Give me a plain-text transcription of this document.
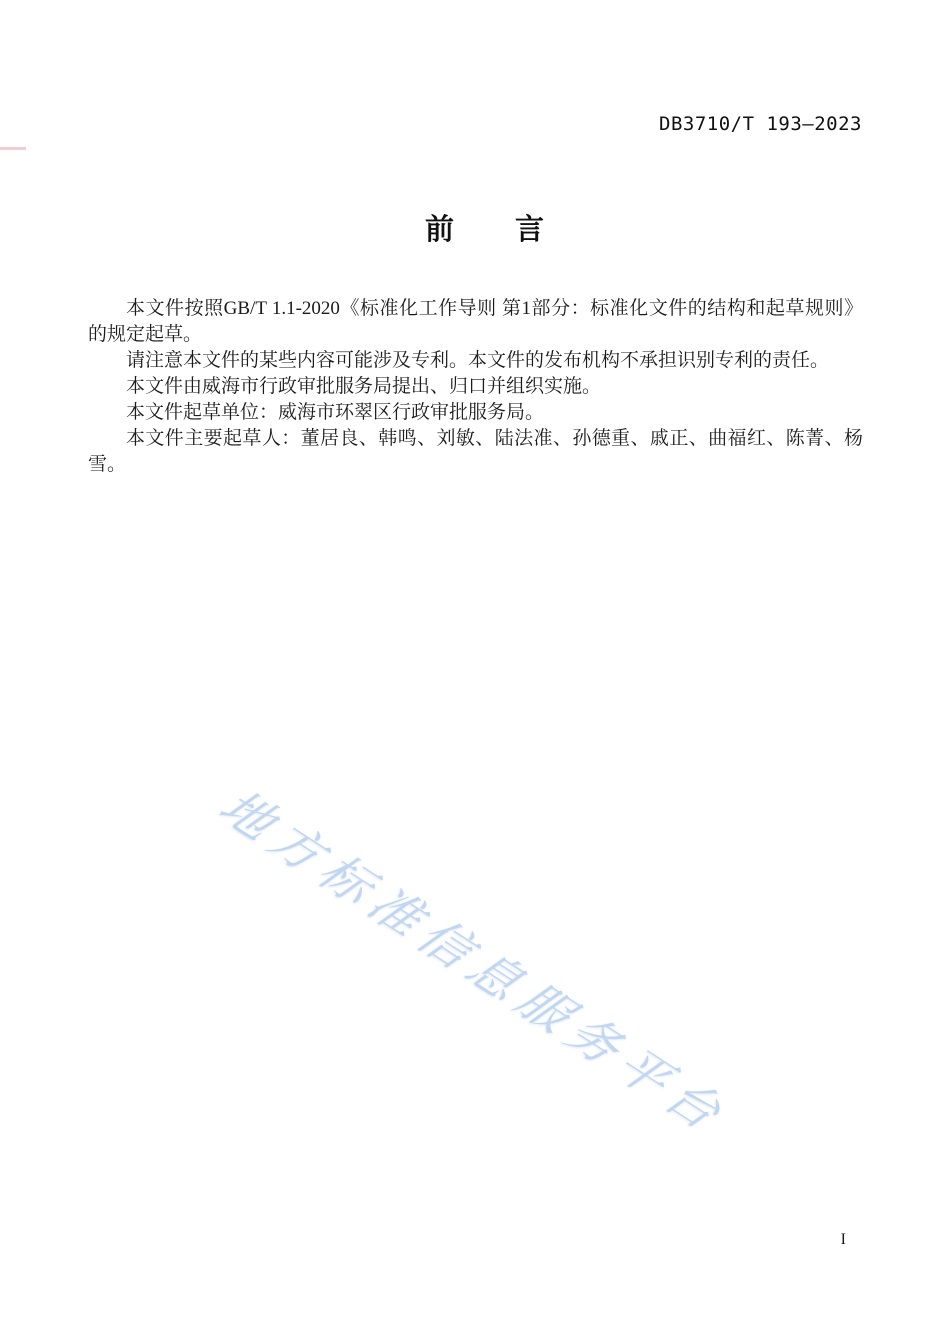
DB3710/T 193—2023
前　　言

本文件按照GB/T 1.1-2020《标准化工作导则 第1部分：标准化文件的结构和起草规则》的规定起草。

请注意本文件的某些内容可能涉及专利。本文件的发布机构不承担识别专利的责任。

本文件由威海市行政审批服务局提出、归口并组织实施。

本文件起草单位：威海市环翠区行政审批服务局。

本文件主要起草人：董居良、韩鸣、刘敏、陆法准、孙德重、戚正、曲福红、陈菁、杨雪。

地方标准信息服务平台
I
